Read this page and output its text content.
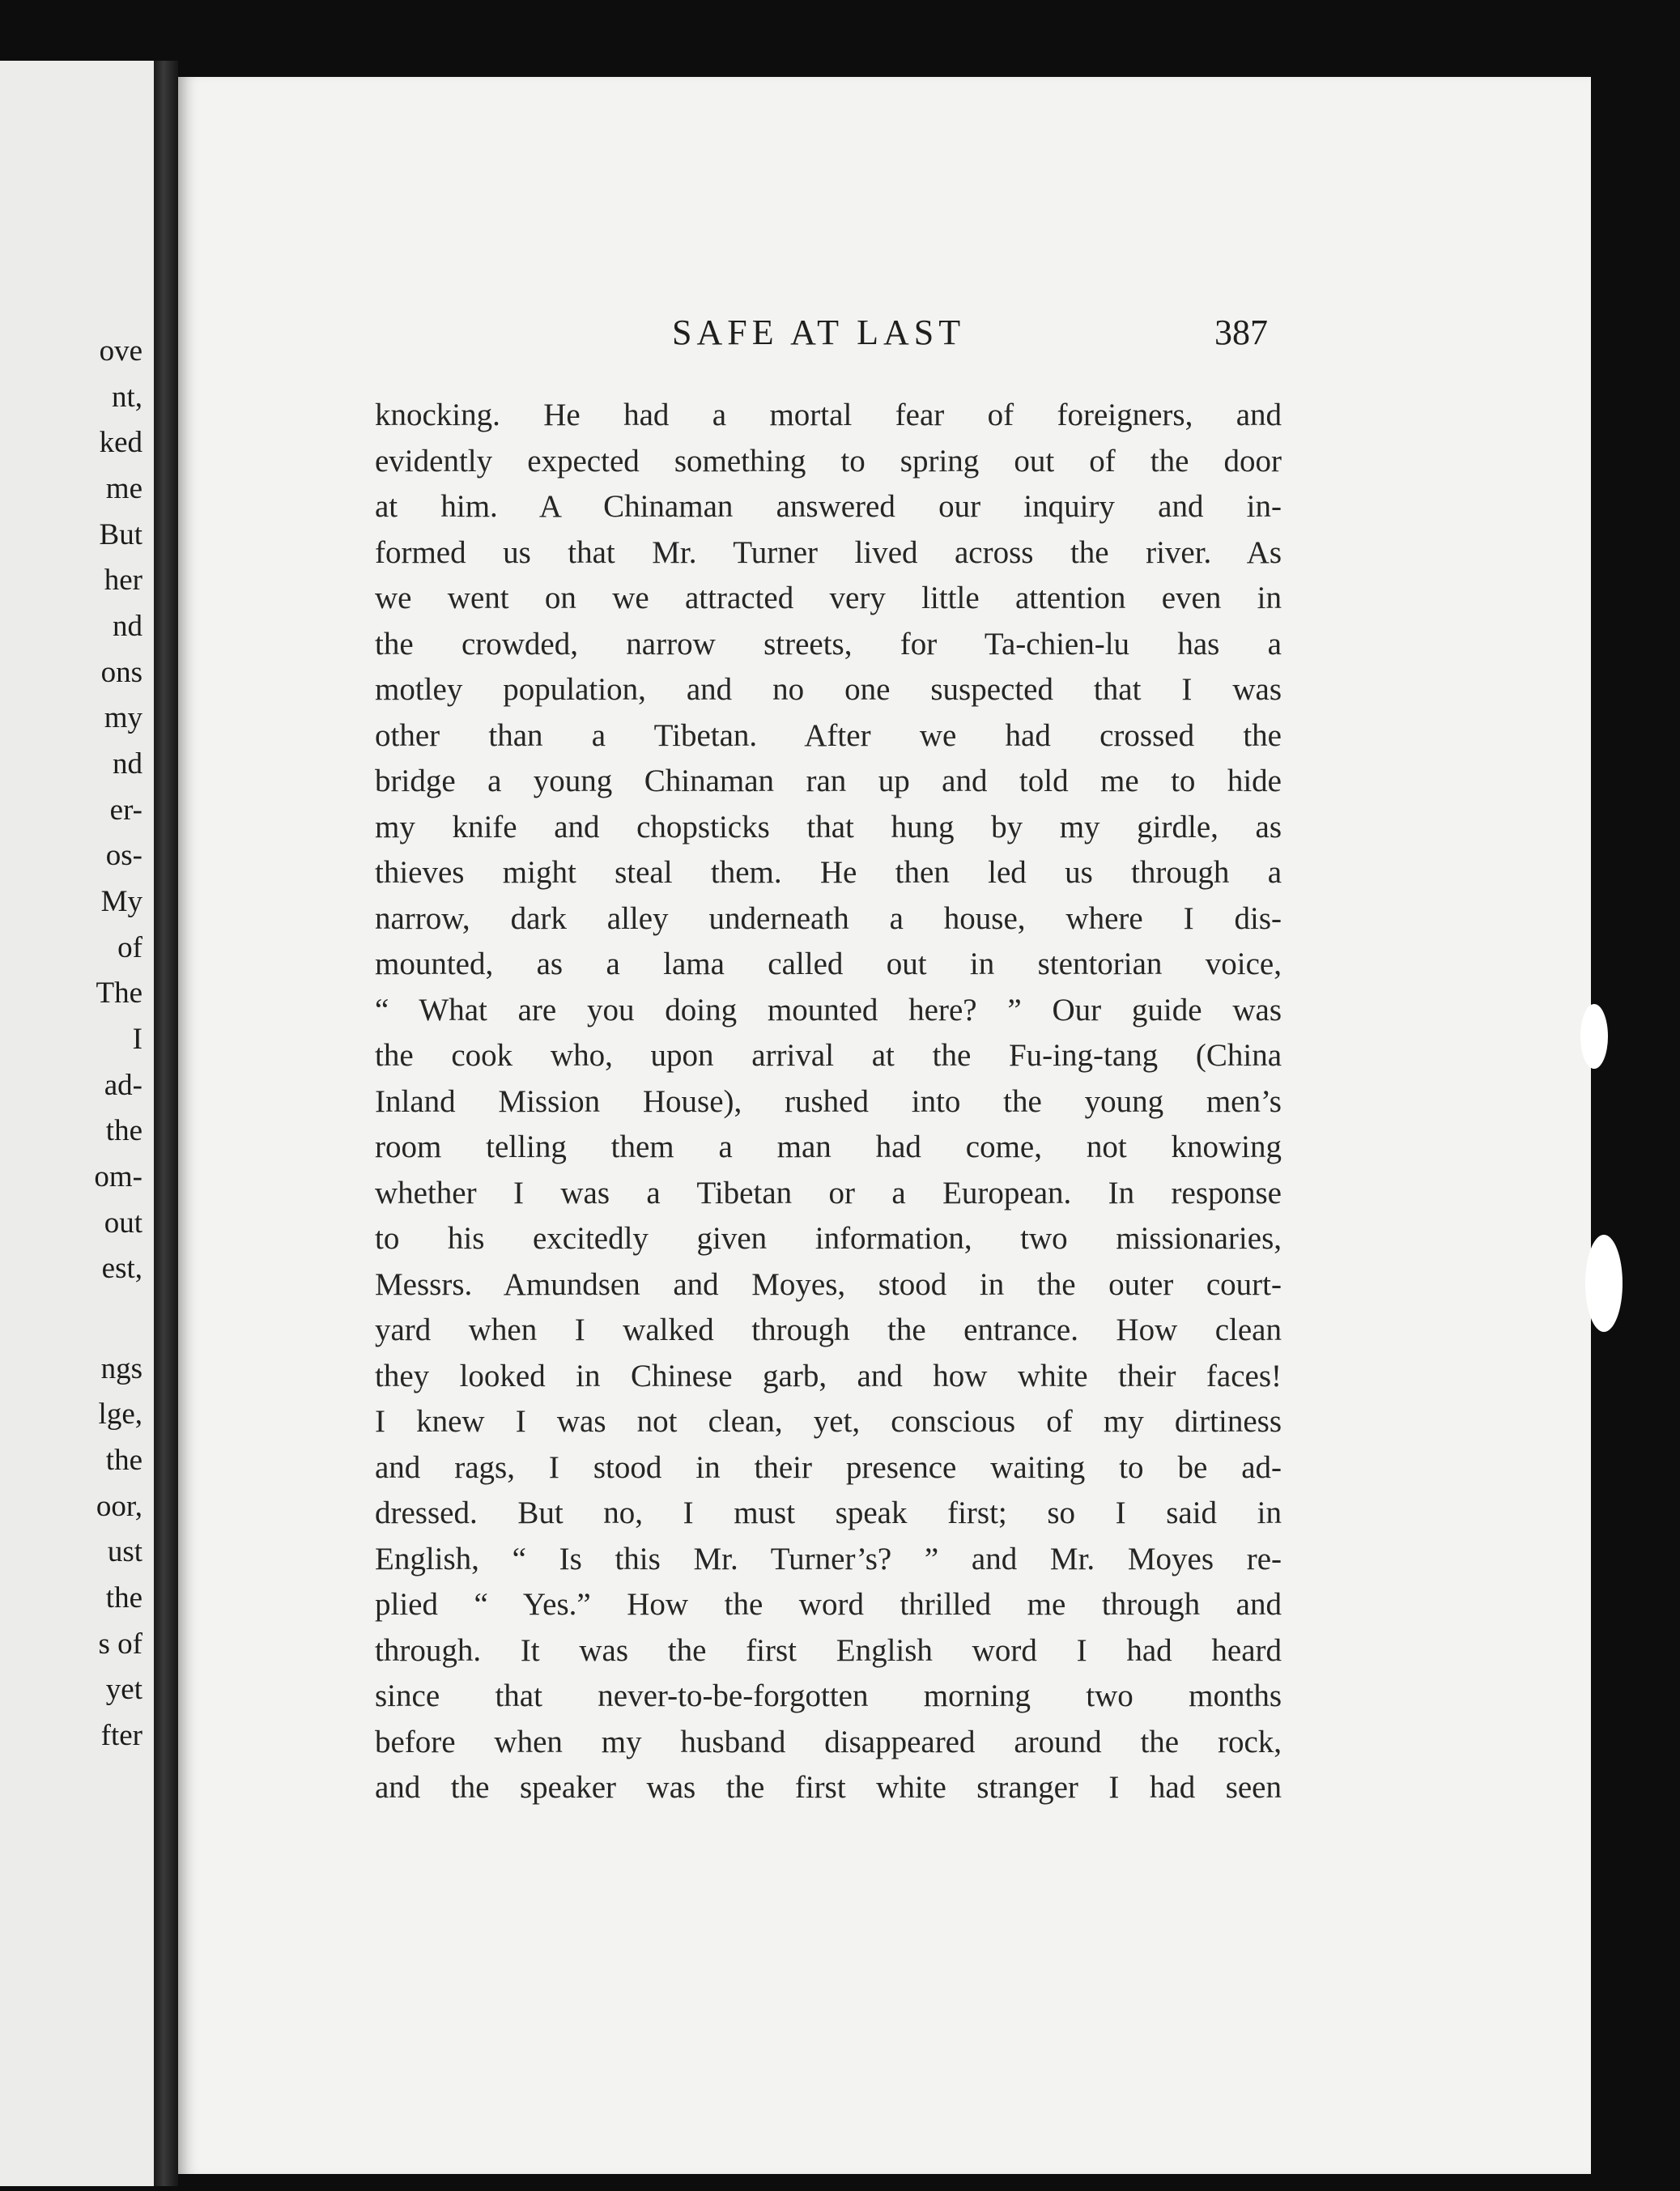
ove
nt,
ked
me
But
her
nd
ons
my
nd
er-
os-
My
of
The
I
ad-
the
om-
out
est,
ngs
lge,
the
oor,
ust
the
s of
yet
fter
SAFE AT LAST	387
knocking. He had a mortal fear of foreigners, and
evidently expected something to spring out of the door
at him. A Chinaman answered our inquiry and in-
formed us that Mr. Turner lived across the river. As
we went on we attracted very little attention even in
the crowded, narrow streets, for Ta-chien-lu has a
motley population, and no one suspected that I was
other than a Tibetan. After we had crossed the
bridge a young Chinaman ran up and told me to hide
my knife and chopsticks that hung by my girdle, as
thieves might steal them. He then led us through a
narrow, dark alley underneath a house, where I dis-
mounted, as a lama called out in stentorian voice,
“ What are you doing mounted here? ” Our guide was
the cook who, upon arrival at the Fu-ing-tang (China
Inland Mission House), rushed into the young men’s
room telling them a man had come, not knowing
whether I was a Tibetan or a European. In response
to his excitedly given information, two missionaries,
Messrs. Amundsen and Moyes, stood in the outer court-
yard when I walked through the entrance. How clean
they looked in Chinese garb, and how white their faces!
I knew I was not clean, yet, conscious of my dirtiness
and rags, I stood in their presence waiting to be ad-
dressed. But no, I must speak first; so I said in
English, “ Is this Mr. Turner’s? ” and Mr. Moyes re-
plied “ Yes.” How the word thrilled me through and
through. It was the first English word I had heard
since that never-to-be-forgotten morning two months
before when my husband disappeared around the rock,
and the speaker was the first white stranger I had seen
